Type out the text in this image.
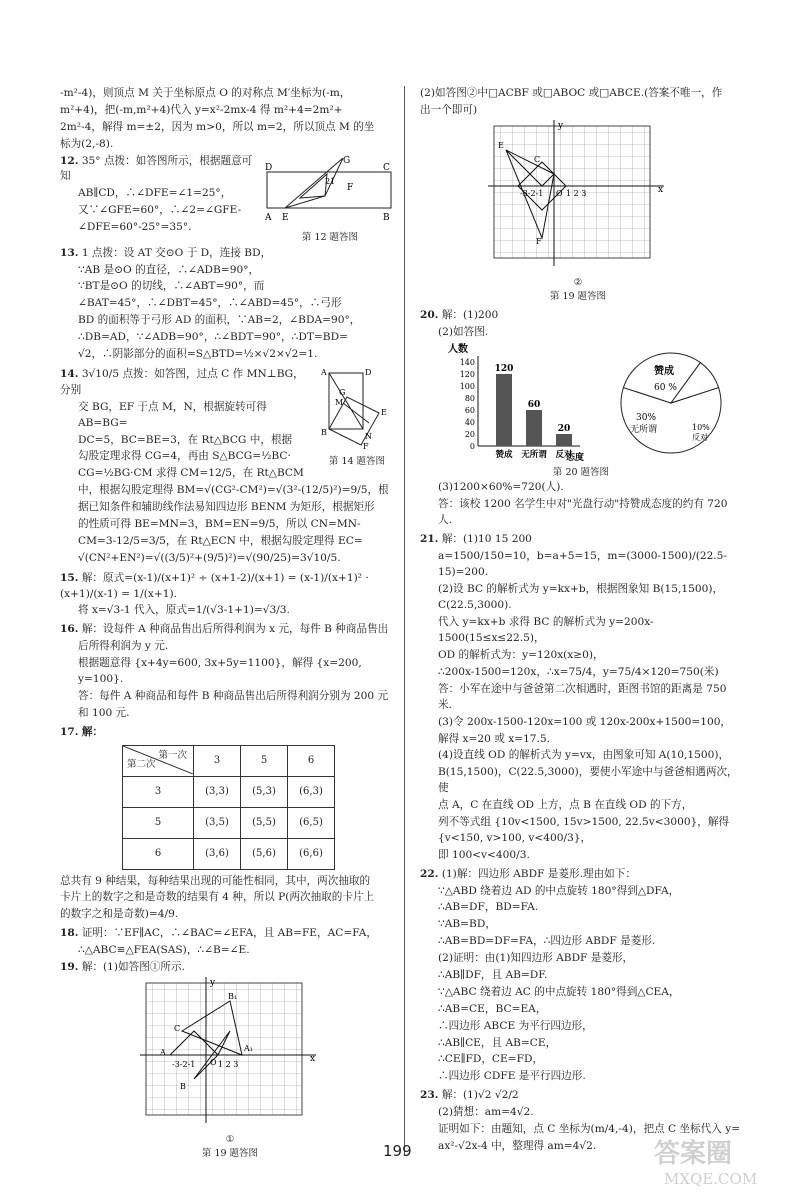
-m²-4)，则顶点 M 关于坐标原点 O 的对称点 M′坐标为(-m，

m²+4)，把(-m,m²+4)代入 y=x²-2mx-4 得 m²+4=2m²+

2m²-4，解得 m=±2，因为 m>0，所以 m=2，所以顶点 M 的坐

标为(2,-8).

D	C
A	B
G
F
E
21
第 12 题答图

12. 35° 点拨：如答图所示，根据题意可知

AB∥CD，∴∠DFE=∠1=25°，

又∵∠GFE=60°，∴∠2=∠GFE-

∠DFE=60°-25°=35°.

13. 1 点拨：设 AT 交⊙O 于 D，连接 BD，

∵AB 是⊙O 的直径，∴∠ADB=90°，

∵BT是⊙O 的切线，∴∠ABT=90°，而

∠BAT=45°，∴∠DBT=45°，∴∠ABD=45°，∴弓形

BD 的面积等于弓形 AD 的面积，∵AB=2，∠BDA=90°，

∴DB=AD，∵∠ADB=90°，∴∠BDT=90°，∴DT=BD=

√2，∴阴影部分的面积=S△BTD=½×√2×√2=1.

A	D
B
M
E
F
N
G
第 14 题答图

14. 3√10/5 点拨：如答图，过点 C 作 MN⊥BG，分别

交 BG，EF 于点 M，N，根据旋转可得 AB=BG=

DC=5，BC=BE=3，在 Rt△BCG 中，根据

勾股定理求得 CG=4，再由 S△BCG=½BC·

CG=½BG·CM 求得 CM=12/5，在 Rt△BCM

中，根据勾股定理得 BM=√(CG²-CM²)=√(3²-(12/5)²)=9/5，根

据已知条件和辅助线作法易知四边形 BENM 为矩形，根据矩形

的性质可得 BE=MN=3，BM=EN=9/5，所以 CN=MN-

CM=3-12/5=3/5，在 Rt△ECN 中，根据勾股定理得 EC=

√(CN²+EN²)=√((3/5)²+(9/5)²)=√(90/25)=3√10/5.

15. 解：原式=(x-1)/(x+1)² ÷ (x+1-2)/(x+1) = (x-1)/(x+1)² · (x+1)/(x-1) = 1/(x+1).

将 x=√3-1 代入，原式=1/(√3-1+1)=√3/3.

16. 解：设每件 A 种商品售出后所得利润为 x 元，每件 B 种商品售出

后所得利润为 y 元.

根据题意得 {x+4y=600, 3x+5y=1100}，解得 {x=200, y=100}.

答：每件 A 种商品和每件 B 种商品售出后所得利润分别为 200 元

和 100 元.

17. 解：

第一次
第二次	3	5	6
3	(3,3)	(5,3)	(6,3)
5	(3,5)	(5,5)	(6,5)
6	(3,6)	(5,6)	(6,6)

总共有 9 种结果，每种结果出现的可能性相同，其中，两次抽取的

卡片上的数字之和是奇数的结果有 4 种，所以 P(两次抽取的卡片上

的数字之和是奇数)=4/9.

18. 证明：∵EF∥AC，∴∠BAC=∠EFA，且 AB=FE，AC=FA，

∴△ABC≌△FEA(SAS)，∴∠B=∠E.

19. 解：(1)如答图①所示.

y
x
B₁
C
A
O
B
A₁
-3-2-1	1 2 3
①
第 19 题答图

(2)如答图②中□ACBF 或□ABOC 或□ABCE.(答案不唯一，作

出一个即可)

y
x
E
C
F
O
-3-2-1	1 2 3
②
第 19 题答图

20. 解：(1)200

(2)如答图.

人数
140
120
100
80
60
40
20
0
120
赞成
60
无所谓
20
反对
态度
赞成
60 %
30%
无所谓	10%
反对
第 20 题答图

(3)1200×60%=720(人).

答：该校 1200 名学生中对"光盘行动"持赞成态度的约有 720 人.

21. 解：(1)10 15 200

a=1500/150=10，b=a+5=15，m=(3000-1500)/(22.5-15)=200.

(2)设 BC 的解析式为 y=kx+b，根据图象知 B(15,1500)，

C(22.5,3000).

代入 y=kx+b 求得 BC 的解析式为 y=200x-1500(15≤x≤22.5)，

OD 的解析式为：y=120x(x≥0)，

∴200x-1500=120x，∴x=75/4，y=75/4×120=750(米)

答：小军在途中与爸爸第二次相遇时，距图书馆的距离是 750 米.

(3)令 200x-1500-120x=100 或 120x-200x+1500=100，

解得 x=20 或 x=17.5.

(4)设直线 OD 的解析式为 y=vx，由图象可知 A(10,1500)，

B(15,1500)，C(22.5,3000)，要使小军途中与爸爸相遇两次，使

点 A，C 在直线 OD 上方，点 B 在直线 OD 的下方，

列不等式组 {10v<1500, 15v>1500, 22.5v<3000}，解得 {v<150, v>100, v<400/3}，

即 100<v<400/3.

22. (1)解：四边形 ABDF 是菱形.理由如下：

∵△ABD 绕着边 AD 的中点旋转 180°得到△DFA，

∴AB=DF，BD=FA.

∵AB=BD，

∴AB=BD=DF=FA，∴四边形 ABDF 是菱形.

(2)证明：由(1)知四边形 ABDF 是菱形，

∴AB∥DF，且 AB=DF.

∵△ABC 绕着边 AC 的中点旋转 180°得到△CEA，

∴AB=CE，BC=EA，

∴四边形 ABCE 为平行四边形，

∴AB∥CE，且 AB=CE，

∴CE∥FD，CE=FD，

∴四边形 CDFE 是平行四边形.

23. 解：(1)√2 √2/2

(2)猜想：am=4√2.

证明如下：由题知，点 C 坐标为(m/4,-4)，把点 C 坐标代入 y=

ax²-√2x-4 中，整理得 am=4√2.

199	答案圈
MXQE.COM
